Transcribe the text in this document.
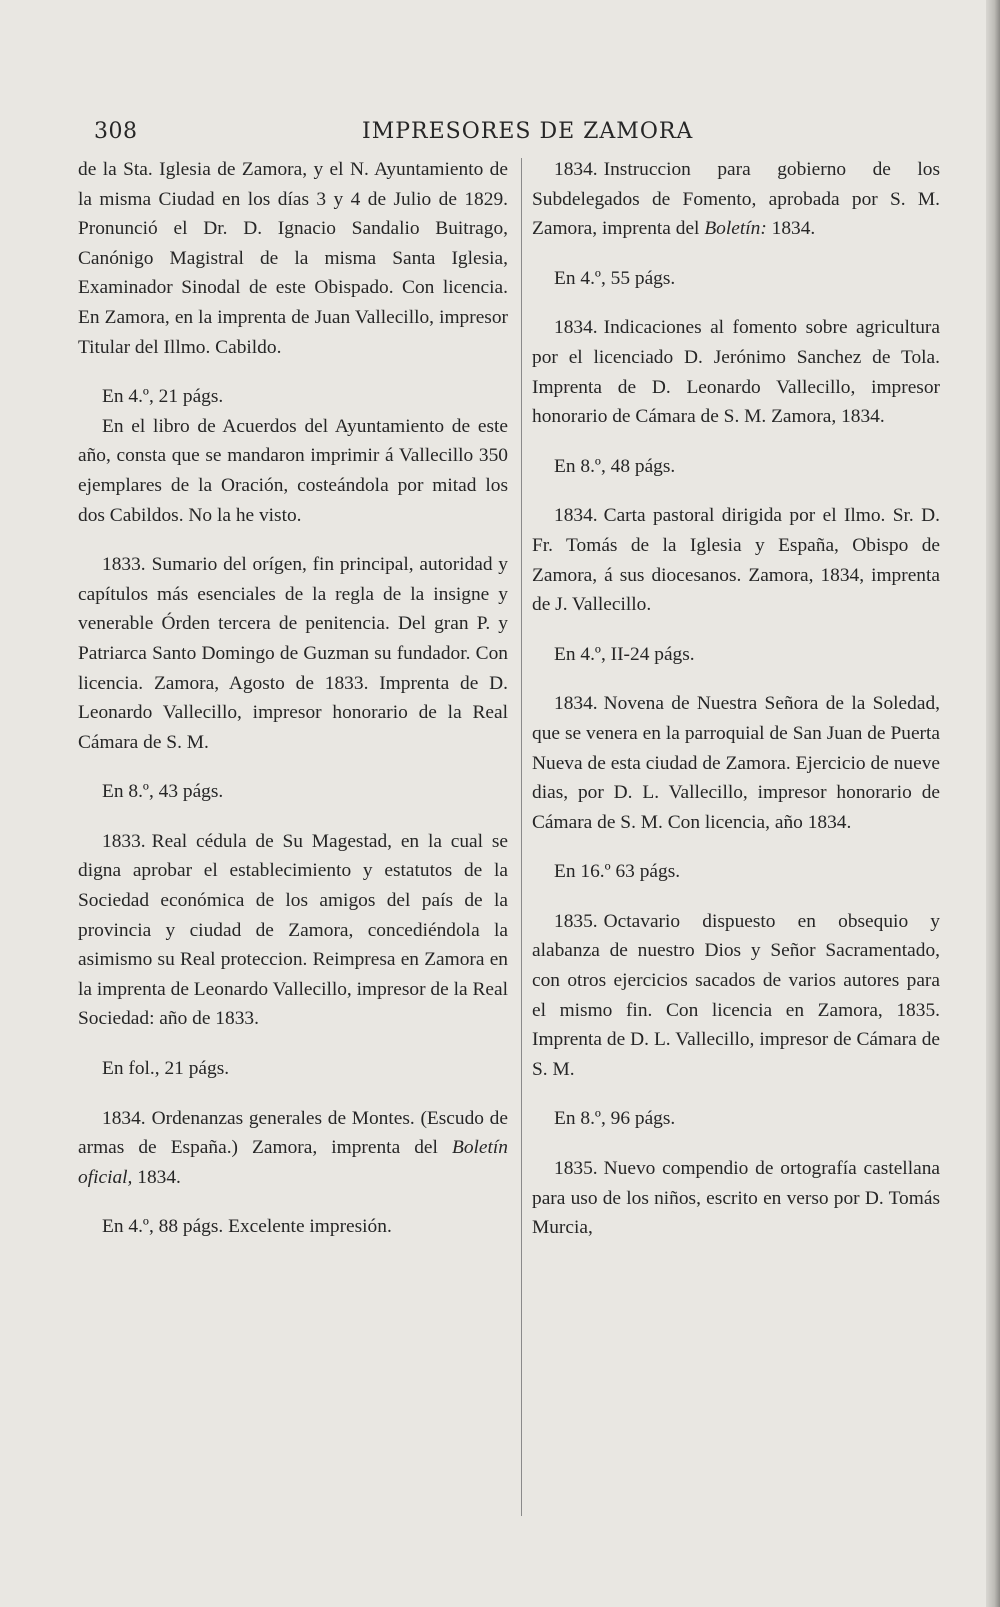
308	IMPRESORES DE ZAMORA

de la Sta. Iglesia de Zamora, y el N. Ayuntamiento de la misma Ciudad en los días 3 y 4 de Julio de 1829. Pronunció el Dr. D. Ignacio Sandalio Buitrago, Canónigo Magistral de la misma Santa Iglesia, Examinador Sinodal de este Obispado. Con licencia. En Zamora, en la imprenta de Juan Vallecillo, impresor Titular del Illmo. Cabildo.

En 4.º, 21 págs.

En el libro de Acuerdos del Ayuntamiento de este año, consta que se mandaron imprimir á Vallecillo 350 ejemplares de la Oración, costeándola por mitad los dos Cabildos. No la he visto.

1833. Sumario del orígen, fin principal, autoridad y capítulos más esenciales de la regla de la insigne y venerable Órden tercera de penitencia. Del gran P. y Patriarca Santo Domingo de Guzman su fundador. Con licencia. Zamora, Agosto de 1833. Imprenta de D. Leonardo Vallecillo, impresor honorario de la Real Cámara de S. M.

En 8.º, 43 págs.

1833. Real cédula de Su Magestad, en la cual se digna aprobar el establecimiento y estatutos de la Sociedad económica de los amigos del país de la provincia y ciudad de Zamora, concediéndola la asimismo su Real proteccion. Reimpresa en Zamora en la imprenta de Leonardo Vallecillo, impresor de la Real Sociedad: año de 1833.

En fol., 21 págs.

1834. Ordenanzas generales de Montes. (Escudo de armas de España.) Zamora, imprenta del Boletín oficial, 1834.

En 4.º, 88 págs. Excelente impresión.

1834. Instruccion para gobierno de los Subdelegados de Fomento, aprobada por S. M. Zamora, imprenta del Boletín: 1834.

En 4.º, 55 págs.

1834. Indicaciones al fomento sobre agricultura por el licenciado D. Jerónimo Sanchez de Tola. Imprenta de D. Leonardo Vallecillo, impresor honorario de Cámara de S. M. Zamora, 1834.

En 8.º, 48 págs.

1834. Carta pastoral dirigida por el Ilmo. Sr. D. Fr. Tomás de la Iglesia y España, Obispo de Zamora, á sus diocesanos. Zamora, 1834, imprenta de J. Vallecillo.

En 4.º, II-24 págs.

1834. Novena de Nuestra Señora de la Soledad, que se venera en la parroquial de San Juan de Puerta Nueva de esta ciudad de Zamora. Ejercicio de nueve dias, por D. L. Vallecillo, impresor honorario de Cámara de S. M. Con licencia, año 1834.

En 16.º 63 págs.

1835. Octavario dispuesto en obsequio y alabanza de nuestro Dios y Señor Sacramentado, con otros ejercicios sacados de varios autores para el mismo fin. Con licencia en Zamora, 1835. Imprenta de D. L. Vallecillo, impresor de Cámara de S. M.

En 8.º, 96 págs.

1835. Nuevo compendio de ortografía castellana para uso de los niños, escrito en verso por D. Tomás Murcia,
